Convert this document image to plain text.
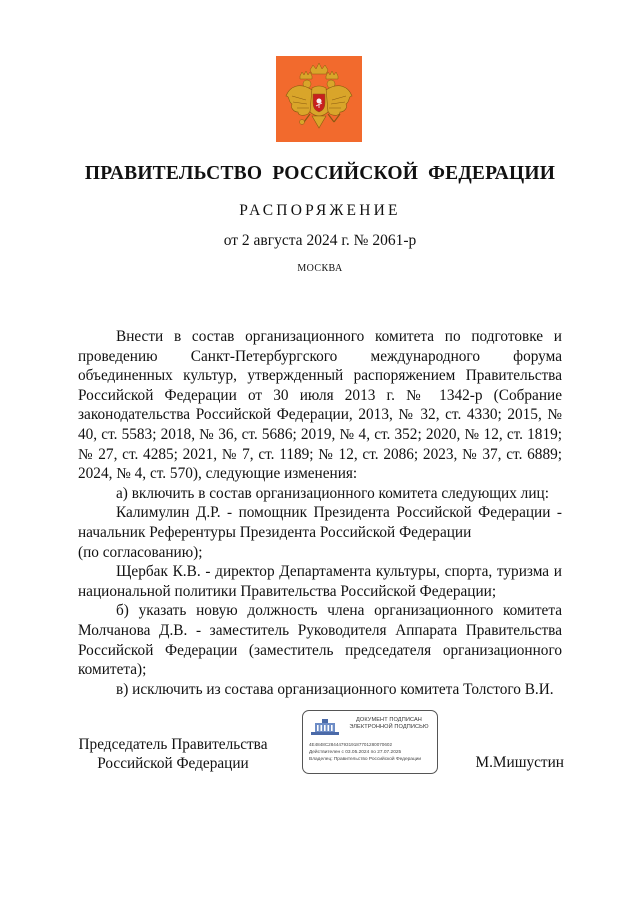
ПРАВИТЕЛЬСТВО РОССИЙСКОЙ ФЕДЕРАЦИИ
РАСПОРЯЖЕНИЕ
от 2 августа 2024 г. № 2061-р
МОСКВА

Внести в состав организационного комитета по подготовке и проведению Санкт-Петербургского международного форума объединенных культур, утвержденный распоряжением Правительства Российской Федерации от 30 июля 2013 г. № 1342-р (Собрание законодательства Российской Федерации, 2013, № 32, ст. 4330; 2015, № 40, ст. 5583; 2018, № 36, ст. 5686; 2019, № 4, ст. 352; 2020, № 12, ст. 1819; № 27, ст. 4285; 2021, № 7, ст. 1189; № 12, ст. 2086; 2023, № 37, ст. 6889; 2024, № 4, ст. 570), следующие изменения:

а) включить в состав организационного комитета следующих лиц:

Калимулин Д.Р. - помощник Президента Российской Федерации - начальник Референтуры Президента Российской Федерации

(по согласованию);

Щербак К.В. - директор Департамента культуры, спорта, туризма и национальной политики Правительства Российской Федерации;

б) указать новую должность члена организационного комитета Молчанова Д.В. - заместитель Руководителя Аппарата Правительства Российской Федерации (заместитель председателя организационного комитета);

в) исключить из состава организационного комитета Толстого В.И.

Председатель Правительства
Российской Федерации
ДОКУМЕНТ ПОДПИСАН
ЭЛЕКТРОННОЙ ПОДПИСЬЮ
4E4848C2844479319187701280070602
Действителен с 03.05.2024 по 27.07.2025
Владелец: Правительство Российской Федерации	М.Мишустин
